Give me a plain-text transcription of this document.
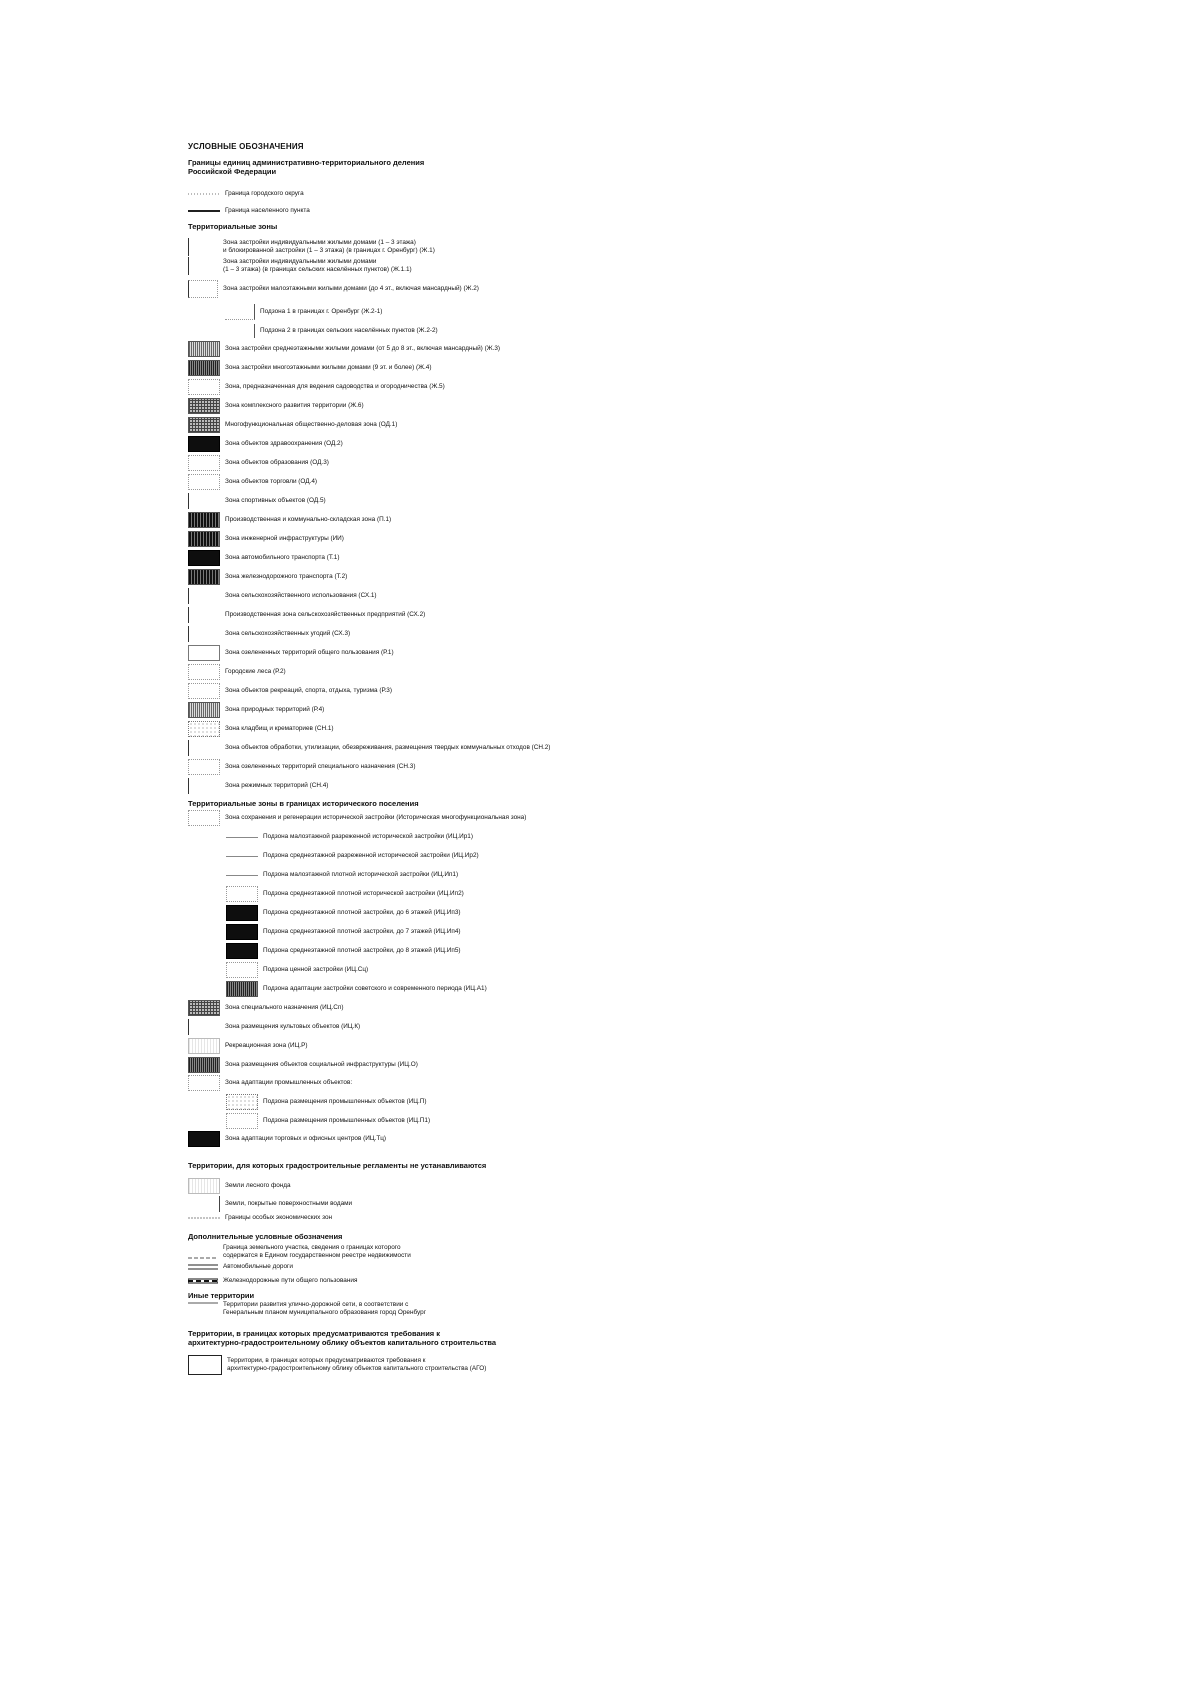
УСЛОВНЫЕ ОБОЗНАЧЕНИЯ
Границы единиц административно-территориального деления Российской Федерации
Граница городского округа
Граница населенного пункта
Территориальные зоны
Зона застройки индивидуальными жилыми домами (1 – 3 этажа)
и блокированной застройки (1 – 3 этажа) (в границах г. Оренбург) (Ж.1)
Зона застройки индивидуальными жилыми домами
(1 – 3 этажа) (в границах сельских населённых пунктов) (Ж.1.1)
Зона застройки малоэтажными жилыми домами (до 4 эт., включая мансардный) (Ж.2)
Подзона 1 в границах г. Оренбург (Ж.2-1)
Подзона 2 в границах сельских населённых пунктов (Ж.2-2)
Зона застройки среднеэтажными жилыми домами (от 5 до 8 эт., включая мансардный) (Ж.3)
Зона застройки многоэтажными жилыми домами (9 эт. и более) (Ж.4)
Зона, предназначенная для ведения садоводства и огородничества (Ж.5)
Зона комплексного развития территории (Ж.6)
Многофункциональная общественно-деловая зона (ОД.1)
Зона объектов здравоохранения (ОД.2)
Зона объектов образования (ОД.3)
Зона объектов торговли (ОД.4)
Зона спортивных объектов (ОД.5)
Производственная и коммунально-складская зона (П.1)
Зона инженерной инфраструктуры (ИИ)
Зона автомобильного транспорта (Т.1)
Зона железнодорожного транспорта (Т.2)
Зона сельскохозяйственного использования (СХ.1)
Производственная зона сельскохозяйственных предприятий (СХ.2)
Зона сельскохозяйственных угодий (СХ.3)
Зона озелененных территорий общего пользования (Р.1)
Городские леса (Р.2)
Зона объектов рекреаций, спорта, отдыха, туризма (Р.3)
Зона природных территорий (Р.4)
Зона кладбищ и крематориев (СН.1)
Зона объектов обработки, утилизации, обезвреживания, размещения твердых коммунальных отходов (СН.2)
Зона озелененных территорий специального назначения (СН.3)
Зона режимных территорий (СН.4)
Территориальные зоны в границах исторического поселения
Зона сохранения и регенерации исторической застройки (Историческая многофункциональная зона)
Подзона малоэтажной разреженной исторической застройки (ИЦ.Ир1)
Подзона среднеэтажной разреженной исторической застройки (ИЦ.Ир2)
Подзона малоэтажной плотной исторической застройки (ИЦ.Ип1)
Подзона среднеэтажной плотной исторической застройки (ИЦ.Ип2)
Подзона среднеэтажной плотной застройки, до 6 этажей (ИЦ.Ип3)
Подзона среднеэтажной плотной застройки, до 7 этажей (ИЦ.Ип4)
Подзона среднеэтажной плотной застройки, до 8 этажей (ИЦ.Ип5)
Подзона ценной застройки (ИЦ.Сц)
Подзона адаптации застройки советского и современного периода (ИЦ.А1)
Зона специального назначения (ИЦ.Сп)
Зона размещения культовых объектов (ИЦ.К)
Рекреационная зона (ИЦ.Р)
Зона размещения объектов социальной инфраструктуры (ИЦ.О)
Зона адаптации промышленных объектов:
Подзона размещения промышленных объектов (ИЦ.П)
Подзона размещения промышленных объектов (ИЦ.П1)
Зона адаптации торговых и офисных центров (ИЦ.Тц)
Территории, для которых градостроительные регламенты не устанавливаются
Земли лесного фонда
Земли, покрытые поверхностными водами
Границы особых экономических зон
Дополнительные условные обозначения
Граница земельного участка, сведения о границах которого
содержатся в Едином государственном реестре недвижимости
Автомобильные дороги
Железнодорожные пути общего пользования
Иные территории
Территории развития улично-дорожной сети, в соответствии с
Генеральным планом муниципального образования город Оренбург
Территории, в границах которых предусматриваются требования к
архитектурно-градостроительному облику объектов капитального строительства
Территории, в границах которых предусматриваются требования к
архитектурно-градостроительному облику объектов капитального строительства (АГО)
